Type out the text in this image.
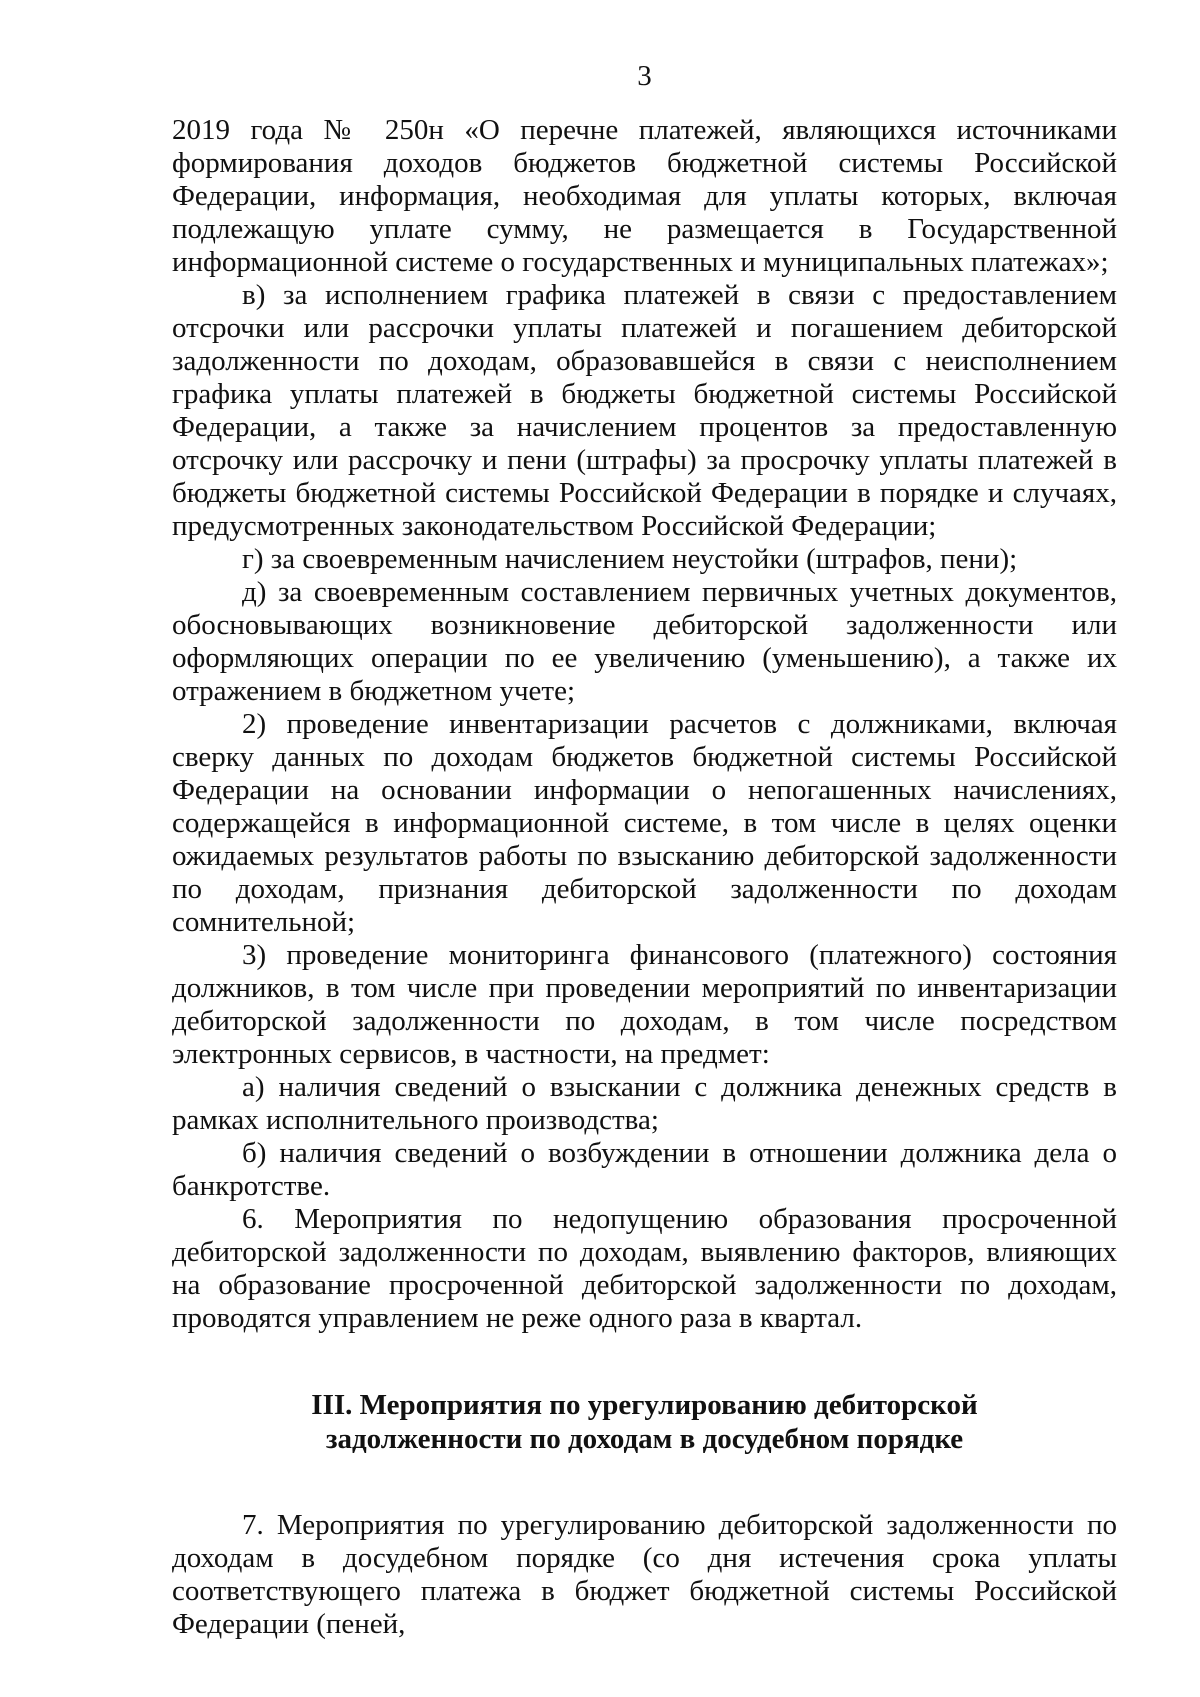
3

2019 года № 250н «О перечне платежей, являющихся источниками формирования доходов бюджетов бюджетной системы Российской Федерации, информация, необходимая для уплаты которых, включая подлежащую уплате сумму, не размещается в Государственной информационной системе о государственных и муниципальных платежах»;

в) за исполнением графика платежей в связи с предоставлением отсрочки или рассрочки уплаты платежей и погашением дебиторской задолженности по доходам, образовавшейся в связи с неисполнением графика уплаты платежей в бюджеты бюджетной системы Российской Федерации, а также за начислением процентов за предоставленную отсрочку или рассрочку и пени (штрафы) за просрочку уплаты платежей в бюджеты бюджетной системы Российской Федерации в порядке и случаях, предусмотренных законодательством Российской Федерации;

г) за своевременным начислением неустойки (штрафов, пени);

д) за своевременным составлением первичных учетных документов, обосновывающих возникновение дебиторской задолженности или оформляющих операции по ее увеличению (уменьшению), а также их отражением в бюджетном учете;

2) проведение инвентаризации расчетов с должниками, включая сверку данных по доходам бюджетов бюджетной системы Российской Федерации на основании информации о непогашенных начислениях, содержащейся в информационной системе, в том числе в целях оценки ожидаемых результатов работы по взысканию дебиторской задолженности по доходам, признания дебиторской задолженности по доходам сомнительной;

3) проведение мониторинга финансового (платежного) состояния должников, в том числе при проведении мероприятий по инвентаризации дебиторской задолженности по доходам, в том числе посредством электронных сервисов, в частности, на предмет:

а) наличия сведений о взыскании с должника денежных средств в рамках исполнительного производства;

б) наличия сведений о возбуждении в отношении должника дела о банкротстве.

6. Мероприятия по недопущению образования просроченной дебиторской задолженности по доходам, выявлению факторов, влияющих на образование просроченной дебиторской задолженности по доходам, проводятся управлением не реже одного раза в квартал.

III. Мероприятия по урегулированию дебиторской
задолженности по доходам в досудебном порядке

7. Мероприятия по урегулированию дебиторской задолженности по доходам в досудебном порядке (со дня истечения срока уплаты соответствующего платежа в бюджет бюджетной системы Российской Федерации (пеней,
